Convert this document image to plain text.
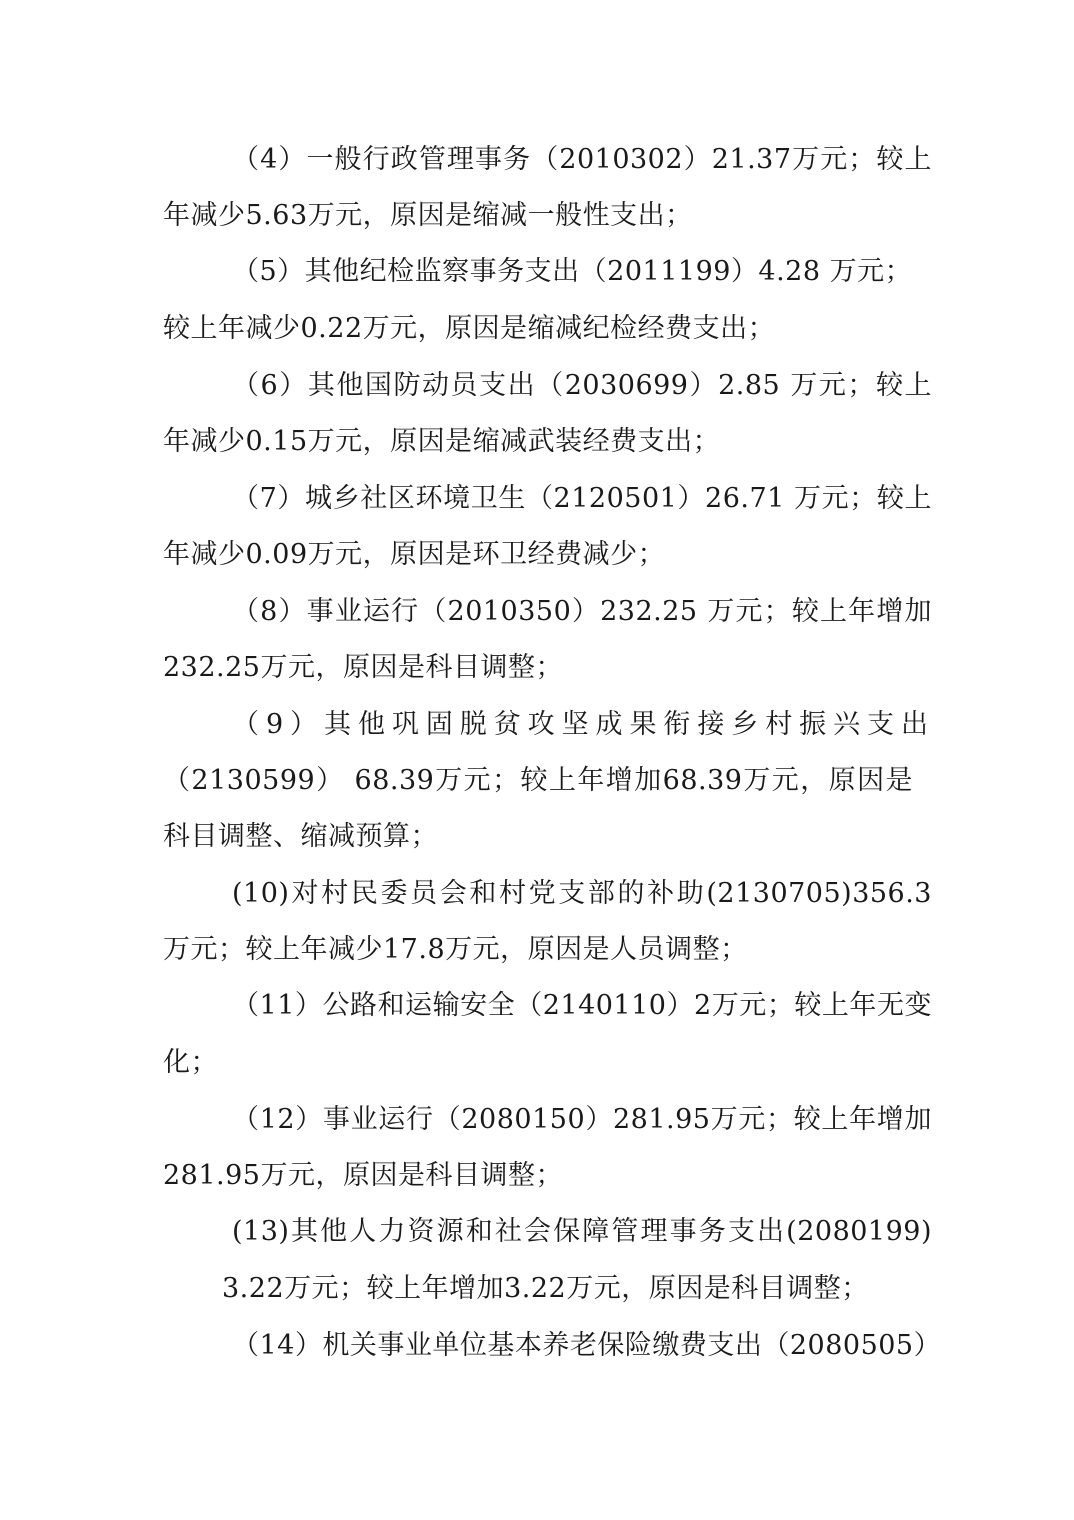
（4）一般行政管理事务（2010302）21.37万元；较上
年减少5.63万元，原因是缩减一般性支出；
（5）其他纪检监察事务支出（2011199）4.28 万元；
较上年减少0.22万元，原因是缩减纪检经费支出；
（6）其他国防动员支出（2030699）2.85 万元；较上
年减少0.15万元，原因是缩减武装经费支出；
（7）城乡社区环境卫生（2120501）26.71 万元；较上
年减少0.09万元，原因是环卫经费减少；
（8）事业运行（2010350）232.25 万元；较上年增加
232.25万元，原因是科目调整；
（9）其他巩固脱贫攻坚成果衔接乡村振兴支出
（2130599） 68.39万元；较上年增加68.39万元，原因是
科目调整、缩减预算；
(10)对村民委员会和村党支部的补助(2130705)356.3
万元；较上年减少17.8万元，原因是人员调整；
（11）公路和运输安全（2140110）2万元；较上年无变
化；
（12）事业运行（2080150）281.95万元；较上年增加
281.95万元，原因是科目调整；
(13)其他人力资源和社会保障管理事务支出(2080199)
3.22万元；较上年增加3.22万元，原因是科目调整；
（14）机关事业单位基本养老保险缴费支出（2080505）
